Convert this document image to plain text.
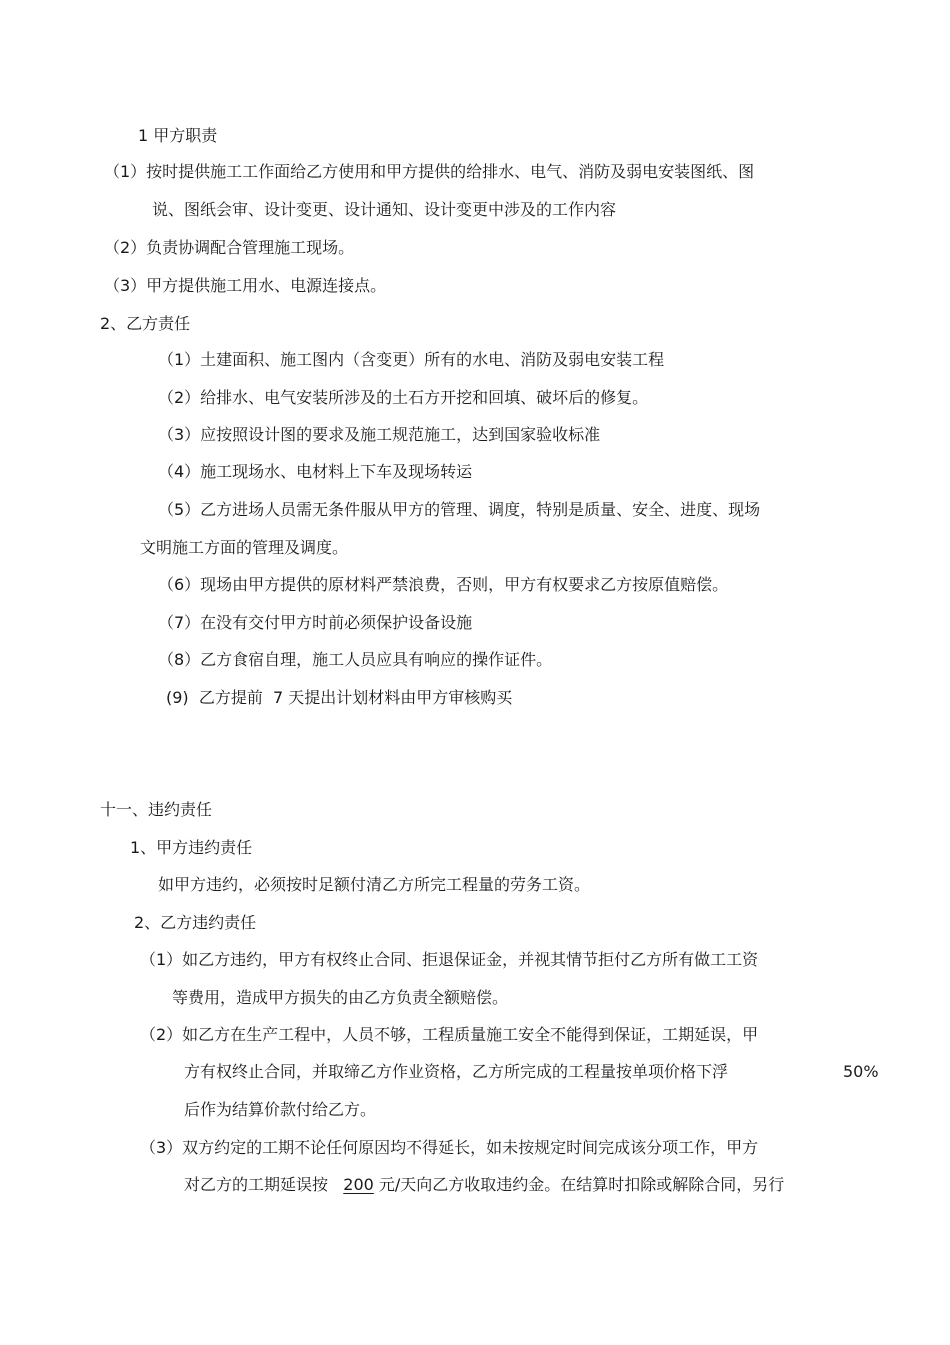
1 甲方职责
（1）按时提供施工工作面给乙方使用和甲方提供的给排水、电气、消防及弱电安装图纸、图
说、图纸会审、设计变更、设计通知、设计变更中涉及的工作内容
（2）负责协调配合管理施工现场。
（3）甲方提供施工用水、电源连接点。
2、乙方责任
（1）土建面积、施工图内（含变更）所有的水电、消防及弱电安装工程
（2）给排水、电气安装所涉及的土石方开挖和回填、破坏后的修复。
（3）应按照设计图的要求及施工规范施工，达到国家验收标准
（4）施工现场水、电材料上下车及现场转运
（5）乙方进场人员需无条件服从甲方的管理、调度，特别是质量、安全、进度、现场
文明施工方面的管理及调度。
（6）现场由甲方提供的原材料严禁浪费，否则，甲方有权要求乙方按原值赔偿。
（7）在没有交付甲方时前必须保护设备设施
（8）乙方食宿自理，施工人员应具有响应的操作证件。
(9)  乙方提前  7 天提出计划材料由甲方审核购买
十一、违约责任
1、甲方违约责任
如甲方违约，必须按时足额付清乙方所完工程量的劳务工资。
2、乙方违约责任
（1）如乙方违约，甲方有权终止合同、拒退保证金，并视其情节拒付乙方所有做工工资
等费用，造成甲方损失的由乙方负责全额赔偿。
（2）如乙方在生产工程中，人员不够，工程质量施工安全不能得到保证，工期延误，甲
方有权终止合同，并取缔乙方作业资格，乙方所完成的工程量按单项价格下浮	50%
后作为结算价款付给乙方。
（3）双方约定的工期不论任何原因均不得延长，如未按规定时间完成该分项工作，甲方
对乙方的工期延误按   200 元/天向乙方收取违约金。在结算时扣除或解除合同，另行
